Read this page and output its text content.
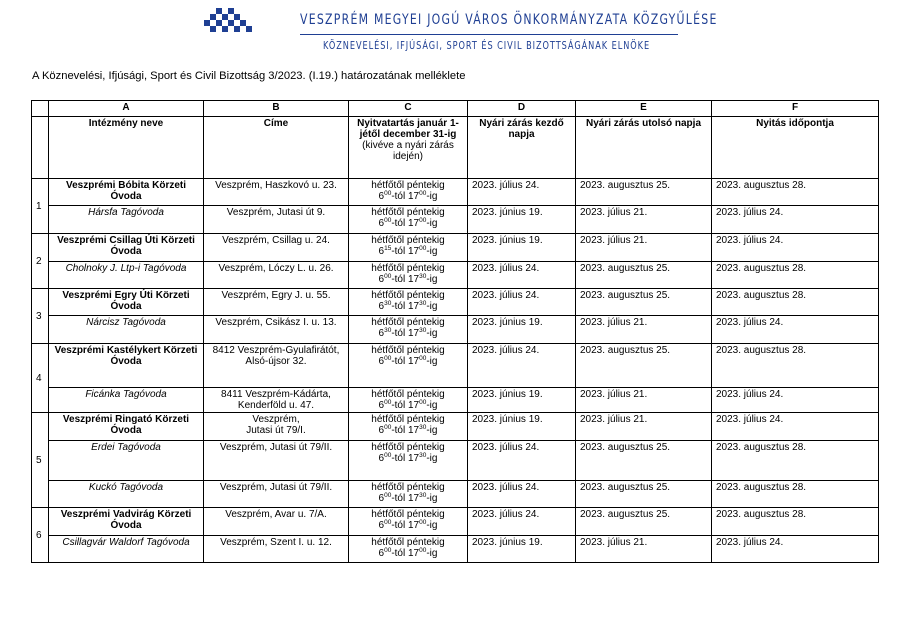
VESZPRÉM MEGYEI JOGÚ VÁROS ÖNKORMÁNYZATA KÖZGYŰLÉSE
KÖZNEVELÉSI, IFJÚSÁGI, SPORT ÉS CIVIL BIZOTTSÁGÁNAK ELNÖKE
A Köznevelési, Ifjúsági, Sport és Civil Bizottság 3/2023. (I.19.) határozatának melléklete
	A	B	C	D	E	F
	Intézmény neve	Címe	Nyitvatartás január 1-jétől december 31-ig
(kivéve a nyári zárás idején)	Nyári zárás kezdő napja	Nyári zárás utolsó napja	Nyitás időpontja
1	Veszprémi Bóbita Körzeti Óvoda	Veszprém, Haszkovó u. 23.	hétfőtől péntekig
$6^{00}$-tól $17^{00}-ig$	2023. július 24.	2023. augusztus 25.	2023. augusztus 28.
	Hársfa Tagóvoda	Veszprém, Jutasi út 9.	hétfőtől péntekig
$6^{00}$-tól $17^{00}-ig$	2023. június 19.	2023. július 21.	2023. július 24.
2	Veszprémi Csillag Úti Körzeti Óvoda	Veszprém, Csillag u. 24.	hétfőtől péntekig
$6^{15}$-tól $17^{00}-ig$	2023. június 19.	2023. július 21.	2023. július 24.
	Cholnoky J. Ltp-i Tagóvoda	Veszprém, Lóczy L. u. 26.	hétfőtől péntekig
$6^{00}$-tól $17^{30}-ig$	2023. július 24.	2023. augusztus 25.	2023. augusztus 28.
3	Veszprémi Egry Úti Körzeti Óvoda	Veszprém, Egry J. u. 55.	hétfőtől péntekig
$6^{30}$-tól $17^{30}-ig$	2023. július 24.	2023. augusztus 25.	2023. augusztus 28.
	Nárcisz Tagóvoda	Veszprém, Csikász I. u. 13.	hétfőtől péntekig
$6^{30}$-tól $17^{30}-ig$	2023. június 19.	2023. július 21.	2023. július 24.
4	Veszprémi Kastélykert Körzeti Óvoda	8412 Veszprém-Gyulafirátót,
Alsó-újsor 32.	hétfőtől péntekig
$6^{00}$-tól $17^{00}-ig$	2023. július 24.	2023. augusztus 25.	2023. augusztus 28.
	Ficánka Tagóvoda	8411 Veszprém-Kádárta,
Kenderföld u. 47.	hétfőtől péntekig
$6^{00}$-tól $17^{00}-ig$	2023. június 19.	2023. július 21.	2023. július 24.
5	Veszprémi Ringató Körzeti Óvoda	Veszprém,
Jutasi út 79/I.	hétfőtől péntekig
$6^{00}$-tól $17^{30}-ig$	2023. június 19.	2023. július 21.	2023. július 24.
	Erdei Tagóvoda	Veszprém, Jutasi út 79/II.	hétfőtől péntekig
$6^{00}$-tól $17^{30}-ig$	2023. július 24.	2023. augusztus 25.	2023. augusztus 28.
	Kuckó Tagóvoda	Veszprém, Jutasi út 79/II.	hétfőtől péntekig
$6^{00}$-tól $17^{30}-ig$	2023. július 24.	2023. augusztus 25.	2023. augusztus 28.
6	Veszprémi Vadvirág Körzeti Óvoda	Veszprém, Avar u. 7/A.	hétfőtől péntekig
$6^{00}$-tól $17^{00}-ig$	2023. július 24.	2023. augusztus 25.	2023. augusztus 28.
	Csillagvár Waldorf Tagóvoda	Veszprém, Szent I. u. 12.	hétfőtől péntekig
$6^{00}$-tól $17^{00}-ig$	2023. június 19.	2023. július 21.	2023. július 24.
